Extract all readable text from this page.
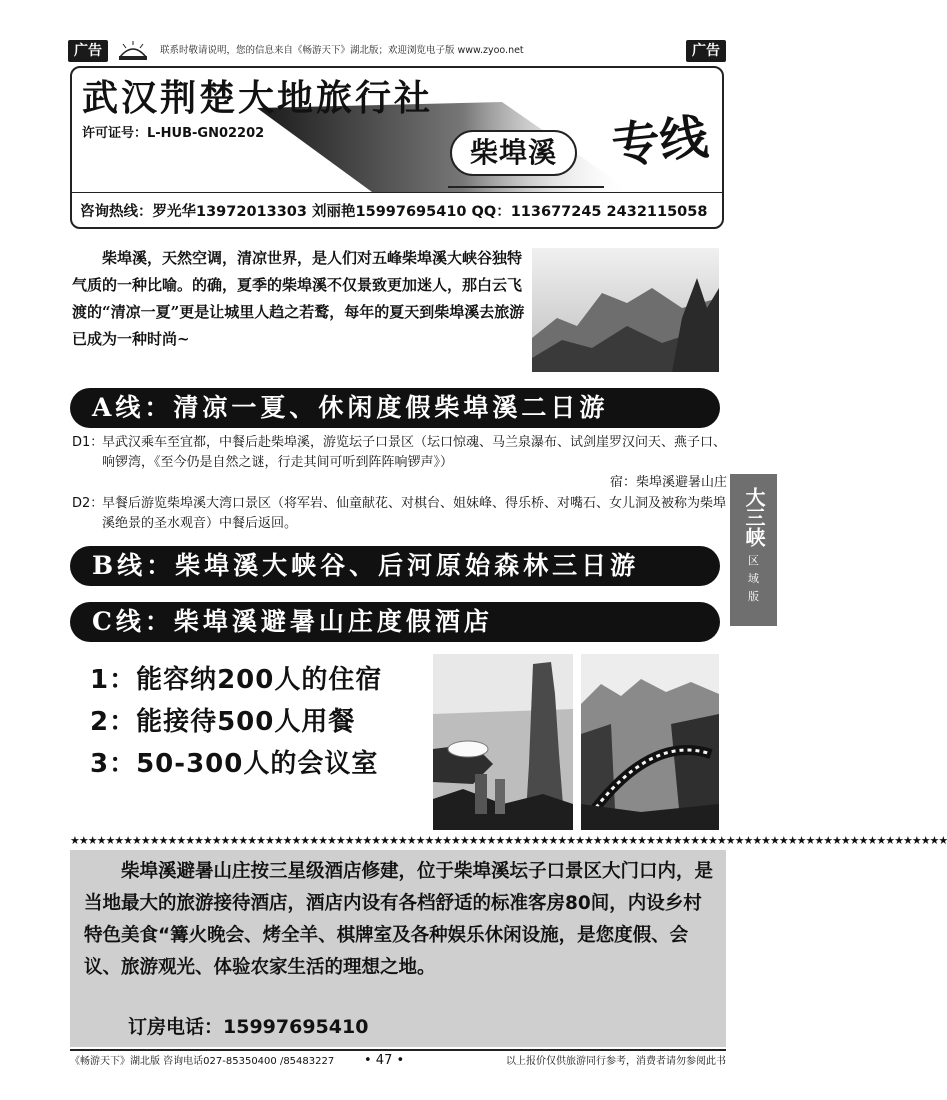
广告	联系时敬请说明，您的信息来自《畅游天下》湖北版；欢迎浏览电子版 www.zyoo.net	广告
武汉荆楚大地旅行社
许可证号：L-HUB-GN02202
柴埠溪	专线
咨询热线：罗光华13972013303 刘丽艳15997695410 QQ：113677245 2432115058
柴埠溪，天然空调，清凉世界，是人们对五峰柴埠溪大峡谷独特气质的一种比喻。的确，夏季的柴埠溪不仅景致更加迷人，那白云飞渡的“清凉一夏”更是让城里人趋之若鹜，每年的夏天到柴埠溪去旅游已成为一种时尚~
A线：清凉一夏、休闲度假柴埠溪二日游
D1：
早武汉乘车至宜都，中餐后赴柴埠溪，游览坛子口景区（坛口惊魂、马兰泉瀑布、试剑崖罗汉问天、燕子口、响锣湾，《至今仍是自然之谜，行走其间可听到阵阵响锣声》）
宿：柴埠溪避暑山庄
D2：
早餐后游览柴埠溪大湾口景区（将军岩、仙童献花、对棋台、姐妹峰、得乐桥、对嘴石、女儿洞及被称为柴埠溪绝景的圣水观音）中餐后返回。
B线：柴埠溪大峡谷、后河原始森林三日游
C线：柴埠溪避暑山庄度假酒店
大三峡
区
域
版
1：能容纳200人的住宿
2：能接待500人用餐
3：50-300人的会议室
★★★★★★★★★★★★★★★★★★★★★★★★★★★★★★★★★★★★★★★★★★★★★★★★★★★★★★★★★★★★★★★★★★★★★★★★★★★★★★★★★★★★★★★★★★★★★★★★★★★
柴埠溪避暑山庄按三星级酒店修建，位于柴埠溪坛子口景区大门口内，是当地最大的旅游接待酒店，酒店内设有各档舒适的标准客房80间，内设乡村特色美食“篝火晚会、烤全羊、棋牌室及各种娱乐休闲设施，是您度假、会议、旅游观光、体验农家生活的理想之地。
订房电话：15997695410
《畅游天下》湖北版 咨询电话027-85350400 /85483227 • 47 •	以上报价仅供旅游同行参考，消费者请勿参阅此书
